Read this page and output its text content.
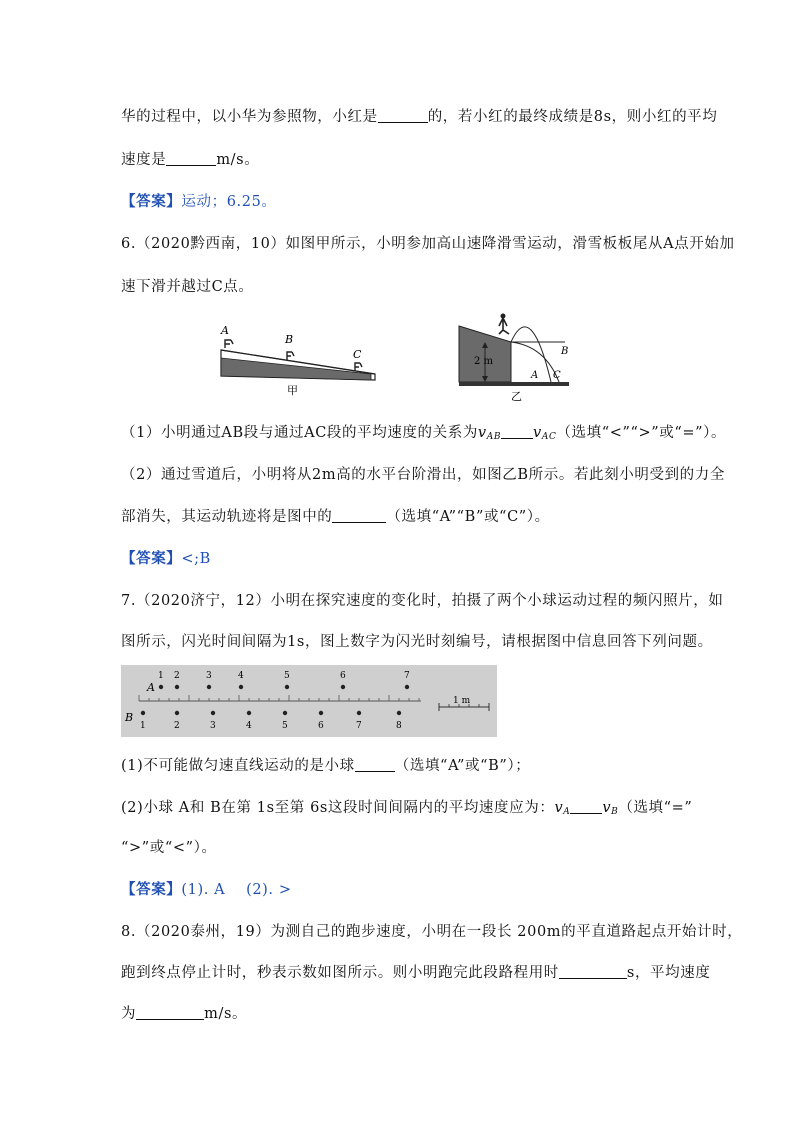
华的过程中，以小华为参照物，小红是	的，若小红的最终成绩是8s，则小红的平均
速度是	m/s。
【答案】运动；6.25。
6.（2020黔西南，10）如图甲所示，小明参加高山速降滑雪运动，滑雪板板尾从A点开始加
速下滑并越过C点。
A
B
C
甲
2 m
B
A C
乙
（1）小明通过AB段与通过AC段的平均速度的关系为$v_{AB}$ $v_{AC}$（选填“<”“>”或“=”）。
（2）通过雪道后，小明将从2m高的水平台阶滑出，如图乙B所示。若此刻小明受到的力全
部消失，其运动轨迹将是图中的	（选填“A”“B”或“C”）。
【答案】<;B
7.（2020济宁，12）小明在探究速度的变化时，拍摄了两个小球运动过程的频闪照片，如
图所示，闪光时间间隔为1s，图上数字为闪光时刻编号，请根据图中信息回答下列问题。
1 m
A
B
1 2	3	4	5	6	7
1	2	3	4	5	6	7	8
(1)不可能做匀速直线运动的是小球	（选填“A”或“B”）；
(2)小球 A和 B在第 1s至第 6s这段时间间隔内的平均速度应为：$v_A$ $v_B$（选填“=”
“>”或“<”）。
【答案】(1). A    (2). >
8.（2020泰州，19）为测自己的跑步速度，小明在一段长 200m的平直道路起点开始计时，
跑到终点停止计时，秒表示数如图所示。则小明跑完此段路程用时	s，平均速度
为	m/s。
